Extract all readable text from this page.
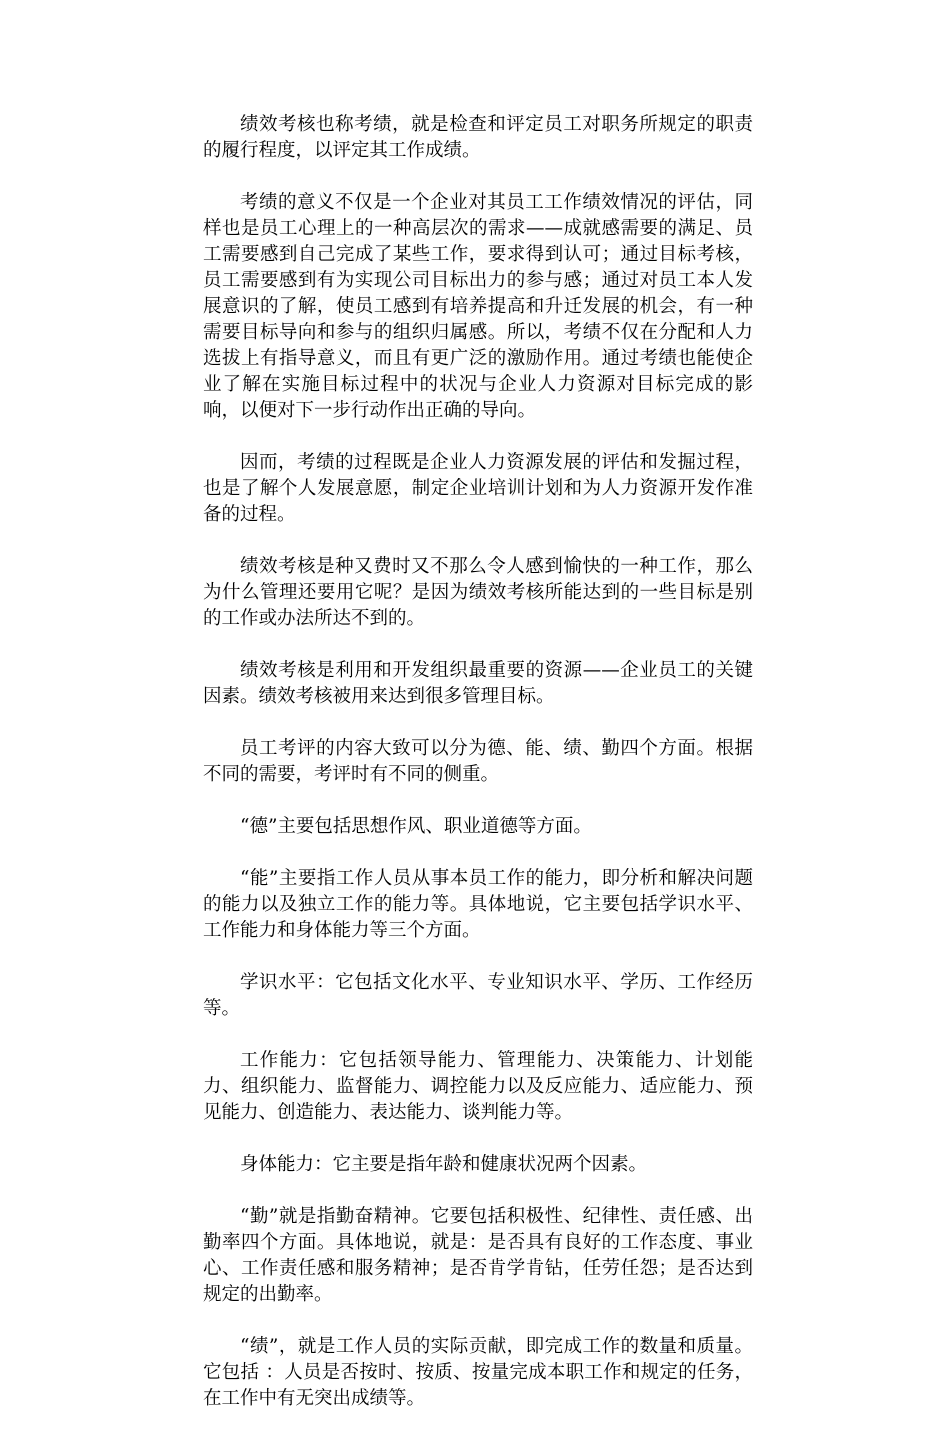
绩效考核也称考绩，就是检查和评定员工对职务所规定的职责的履行程度，以评定其工作成绩。

考绩的意义不仅是一个企业对其员工工作绩效情况的评估，同样也是员工心理上的一种高层次的需求——成就感需要的满足、员工需要感到自己完成了某些工作，要求得到认可；通过目标考核，员工需要感到有为实现公司目标出力的参与感；通过对员工本人发展意识的了解，使员工感到有培养提高和升迁发展的机会，有一种需要目标导向和参与的组织归属感。所以，考绩不仅在分配和人力选拔上有指导意义，而且有更广泛的激励作用。通过考绩也能使企业了解在实施目标过程中的状况与企业人力资源对目标完成的影响，以便对下一步行动作出正确的导向。

因而，考绩的过程既是企业人力资源发展的评估和发掘过程，也是了解个人发展意愿，制定企业培训计划和为人力资源开发作准备的过程。

绩效考核是种又费时又不那么令人感到愉快的一种工作，那么为什么管理还要用它呢？是因为绩效考核所能达到的一些目标是别的工作或办法所达不到的。

绩效考核是利用和开发组织最重要的资源——企业员工的关键因素。绩效考核被用来达到很多管理目标。

员工考评的内容大致可以分为德、能、绩、勤四个方面。根据不同的需要，考评时有不同的侧重。

“德”主要包括思想作风、职业道德等方面。

“能”主要指工作人员从事本员工作的能力，即分析和解决问题的能力以及独立工作的能力等。具体地说，它主要包括学识水平、工作能力和身体能力等三个方面。

学识水平：它包括文化水平、专业知识水平、学历、工作经历等。

工作能力：它包括领导能力、管理能力、决策能力、计划能力、组织能力、监督能力、调控能力以及反应能力、适应能力、预见能力、创造能力、表达能力、谈判能力等。

身体能力：它主要是指年龄和健康状况两个因素。

“勤”就是指勤奋精神。它要包括积极性、纪律性、责任感、出勤率四个方面。具体地说，就是：是否具有良好的工作态度、事业心、工作责任感和服务精神；是否肯学肯钻，任劳任怨；是否达到规定的出勤率。

“绩”，就是工作人员的实际贡献，即完成工作的数量和质量。它包括 ：人员是否按时、按质、按量完成本职工作和规定的任务，在工作中有无突出成绩等。
